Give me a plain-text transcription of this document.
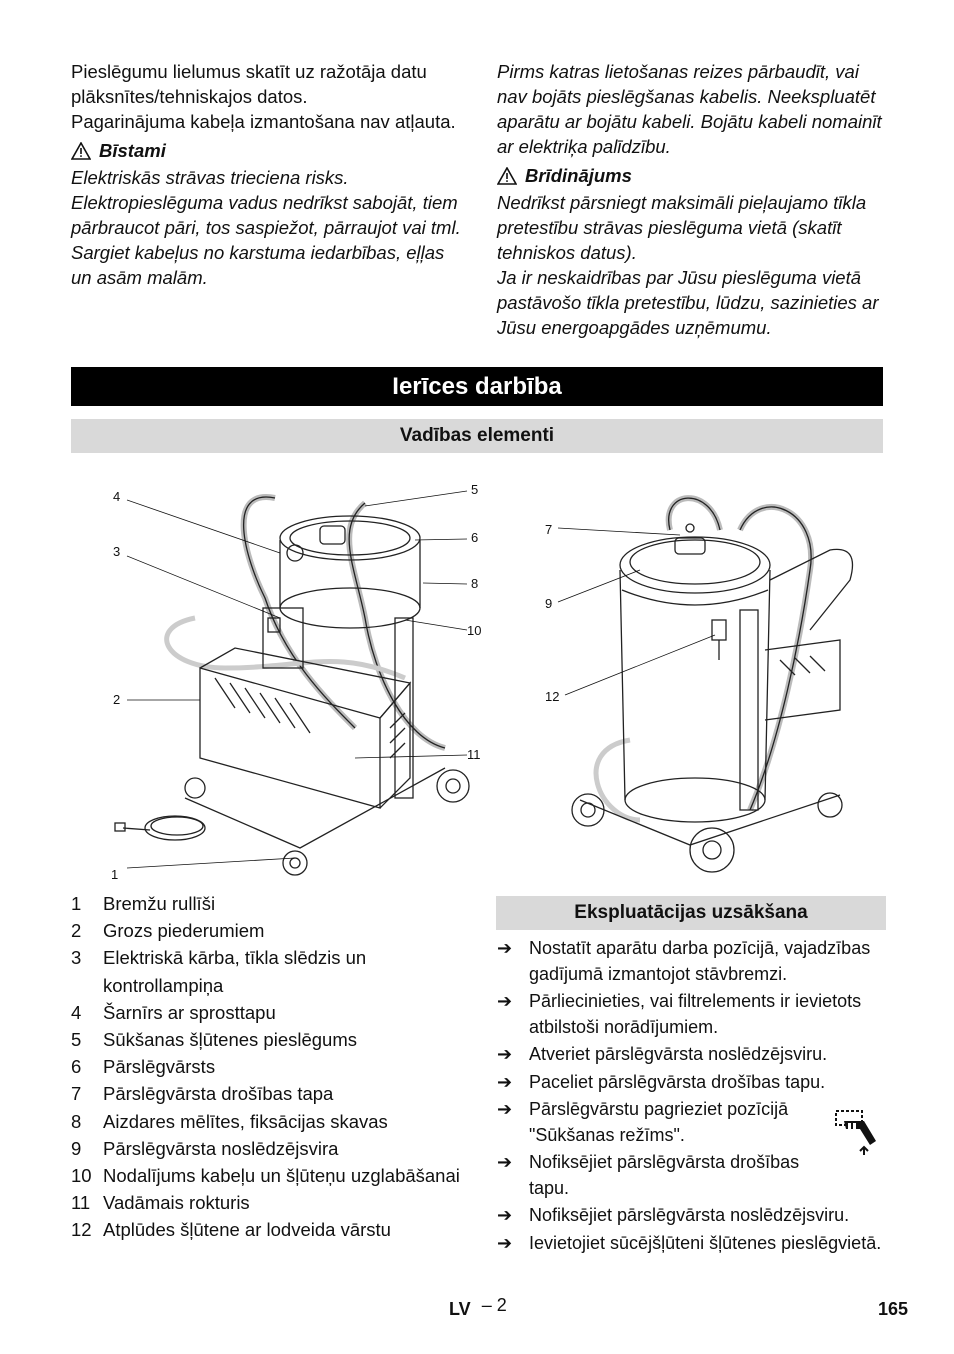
Pieslēgumu lielumus skatīt uz ražotāja datu plāksnītes/tehniskajos datos.

Pagarinājuma kabeļa izmantošana nav atļauta.

Bīstami

Elektriskās strāvas trieciena risks. Elektropieslēguma vadus nedrīkst sabojāt, tiem pārbraucot pāri, tos saspiežot, pārraujot vai tml. Sargiet kabeļus no karstuma iedarbības, eļļas un asām malām.

Pirms katras lietošanas reizes pārbaudīt, vai nav bojāts pieslēgšanas kabelis. Neekspluatēt aparātu ar bojātu kabeli. Bojātu kabeli nomainīt ar elektriķa palīdzību.

Brīdinājums

Nedrīkst pārsniegt maksimāli pieļaujamo tīkla pretestību strāvas pieslēguma vietā (skatīt tehniskos datus).

Ja ir neskaidrības par Jūsu pieslēguma vietā pastāvošo tīkla pretestību, lūdzu, sazinieties ar Jūsu energoapgādes uzņēmumu.

Ierīces darbība
Vadības elementi
4
3
2
1
5
6
8
10
11
7
9
12
1	Bremžu rullīši
2	Grozs piederumiem
3	Elektriskā kārba, tīkla slēdzis un kontrollampiņa
4	Šarnīrs ar sprosttapu
5	Sūkšanas šļūtenes pieslēgums
6	Pārslēgvārsts
7	Pārslēgvārsta drošības tapa
8	Aizdares mēlītes, fiksācijas skavas
9	Pārslēgvārsta noslēdzējsvira
10 Nodalījums kabeļu un šļūteņu uzglabāšanai
11 Vadāmais rokturis
12 Atplūdes šļūtene ar lodveida vārstu
Ekspluatācijas uzsākšana
➔ Nostatīt aparātu darba pozīcijā, vajadzības gadījumā izmantojot stāvbremzi.
➔ Pārliecinieties, vai filtrelements ir ievietots atbilstoši norādījumiem.
➔ Atveriet pārslēgvārsta noslēdzējsviru.
➔ Paceliet pārslēgvārsta drošības tapu.
➔ Pārslēgvārstu pagrieziet pozīcijā "Sūkšanas režīms".
➔ Nofiksējiet pārslēgvārsta drošības tapu.
➔ Nofiksējiet pārslēgvārsta noslēdzējsviru.
➔ Ievietojiet sūcējšļūteni šļūtenes pieslēgvietā.
LV – 2	165
